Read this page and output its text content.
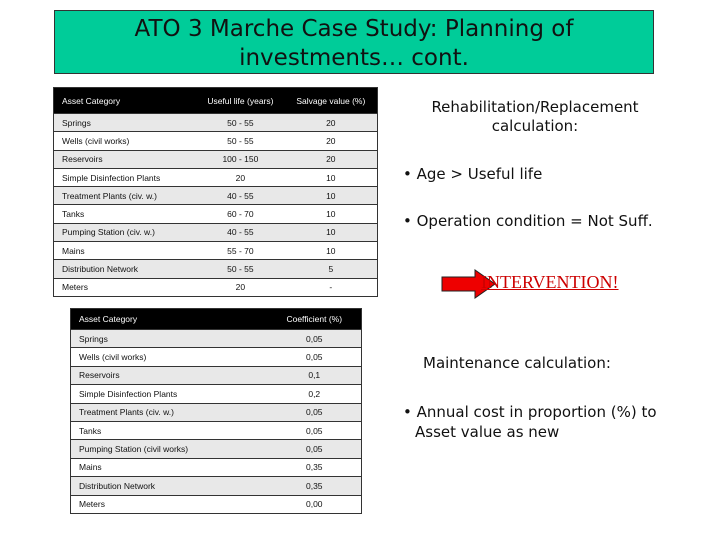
ATO 3 Marche Case Study: Planning of investments… cont.
Asset Category	Useful life (years)	Salvage value (%)
Springs	50 - 55	20
Wells (civil works)	50 - 55	20
Reservoirs	100 - 150	20
Simple Disinfection Plants	20	10
Treatment Plants (civ. w.)	40 - 55	10
Tanks	60 - 70	10
Pumping Station (civ. w.)	40 - 55	10
Mains	55 - 70	10
Distribution Network	50 - 55	5
Meters	20	-
Asset Category	Coefficient (%)
Springs	0,05
Wells (civil works)	0,05
Reservoirs	0,1
Simple Disinfection Plants	0,2
Treatment Plants (civ. w.)	0,05
Tanks	0,05
Pumping Station (civil works)	0,05
Mains	0,35
Distribution Network	0,35
Meters	0,00
Rehabilitation/Replacement calculation:
• Age > Useful life
• Operation condition = Not Suff.
INTERVENTION!
Maintenance calculation:
• Annual cost in proportion (%) to Asset value as new
